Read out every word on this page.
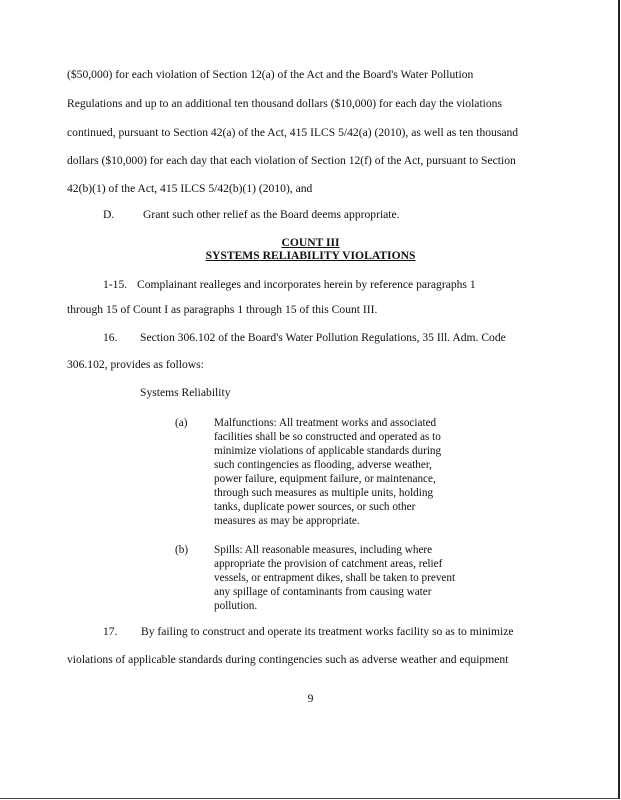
($50,000) for each violation of Section 12(a) of the Act and the Board's Water Pollution
Regulations and up to an additional ten thousand dollars ($10,000) for each day the violations
continued, pursuant to Section 42(a) of the Act, 415 ILCS 5/42(a) (2010), as well as ten thousand
dollars ($10,000) for each day that each violation of Section 12(f) of the Act, pursuant to Section
42(b)(1) of the Act, 415 ILCS 5/42(b)(1) (2010), and
D. Grant such other relief as the Board deems appropriate.
COUNT III
SYSTEMS RELIABILITY VIOLATIONS
1-15. Complainant realleges and incorporates herein by reference paragraphs 1
through 15 of Count I as paragraphs 1 through 15 of this Count III.
16. Section 306.102 of the Board's Water Pollution Regulations, 35 Ill. Adm. Code
306.102, provides as follows:
Systems Reliability
(a) Malfunctions: All treatment works and associated
facilities shall be so constructed and operated as to
minimize violations of applicable standards during
such contingencies as flooding, adverse weather,
power failure, equipment failure, or maintenance,
through such measures as multiple units, holding
tanks, duplicate power sources, or such other
measures as may be appropriate.
(b) Spills: All reasonable measures, including where
appropriate the provision of catchment areas, relief
vessels, or entrapment dikes, shall be taken to prevent
any spillage of contaminants from causing water
pollution.
17. By failing to construct and operate its treatment works facility so as to minimize
violations of applicable standards during contingencies such as adverse weather and equipment
9
